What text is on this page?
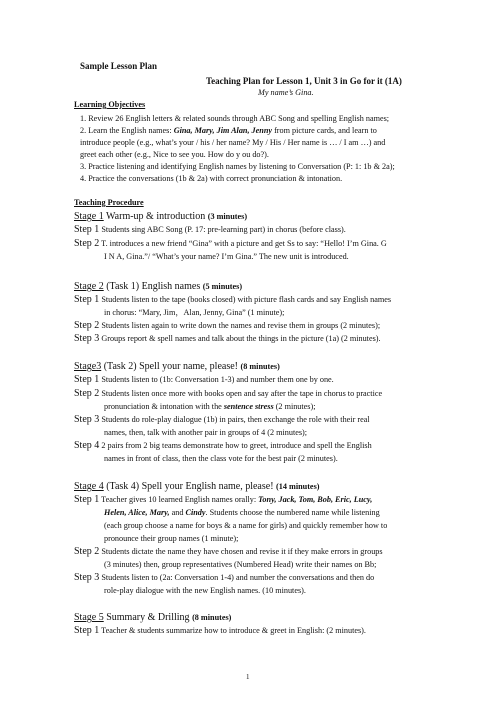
Sample Lesson Plan
Teaching Plan for Lesson 1, Unit 3 in Go for it (1A)
My name’s Gina.
Learning Objectives
1. Review 26 English letters & related sounds through ABC Song and spelling English names;
2. Learn the English names: Gina, Mary, Jim Alan, Jenny from picture cards, and learn to
introduce people (e.g., what’s your / his / her name? My / His / Her name is … / I am …) and
greet each other (e.g., Nice to see you. How do y ou do?).
3. Practice listening and identifying English names by listening to Conversation (P: 1: 1b & 2a);
4. Practice the conversations (1b & 2a) with correct pronunciation & intonation.
Teaching Procedure
Stage 1 Warm-up & introduction (3 minutes)
Step 1 Students sing ABC Song (P. 17: pre-learning part) in chorus (before class).
Step 2 T. introduces a new friend “Gina” with a picture and get Ss to say: “Hello! I’m Gina. G
I N A, Gina.”/ “What’s your name? I’m Gina.” The new unit is introduced.
Stage 2 (Task 1) English names (5 minutes)
Step 1 Students listen to the tape (books closed) with picture flash cards and say English names
in chorus: “Mary, Jim，Alan, Jenny, Gina” (1 minute);
Step 2 Students listen again to write down the names and revise them in groups (2 minutes);
Step 3 Groups report & spell names and talk about the things in the picture (1a) (2 minutes).
Stage3 (Task 2) Spell your name, please! (8 minutes)
Step 1 Students listen to (1b: Conversation 1-3) and number them one by one.
Step 2 Students listen once more with books open and say after the tape in chorus to practice
pronunciation & intonation with the sentence stress (2 minutes);
Step 3 Students do role-play dialogue (1b) in pairs, then exchange the role with their real
names, then, talk with another pair in groups of 4 (2 minutes);
Step 4 2 pairs from 2 big teams demonstrate how to greet, introduce and spell the English
names in front of class, then the class vote for the best pair (2 minutes).
Stage 4 (Task 4) Spell your English name, please! (14 minutes)
Step 1 Teacher gives 10 learned English names orally: Tony, Jack, Tom, Bob, Eric, Lucy,
Helen, Alice, Mary, and Cindy. Students choose the numbered name while listening
(each group choose a name for boys & a name for girls) and quickly remember how to
pronounce their group names (1 minute);
Step 2 Students dictate the name they have chosen and revise it if they make errors in groups
(3 minutes) then, group representatives (Numbered Head) write their names on Bb;
Step 3 Students listen to (2a: Conversation 1-4) and number the conversations and then do
role-play dialogue with the new English names. (10 minutes).
Stage 5 Summary & Drilling (8 minutes)
Step 1 Teacher & students summarize how to introduce & greet in English: (2 minutes).
1
